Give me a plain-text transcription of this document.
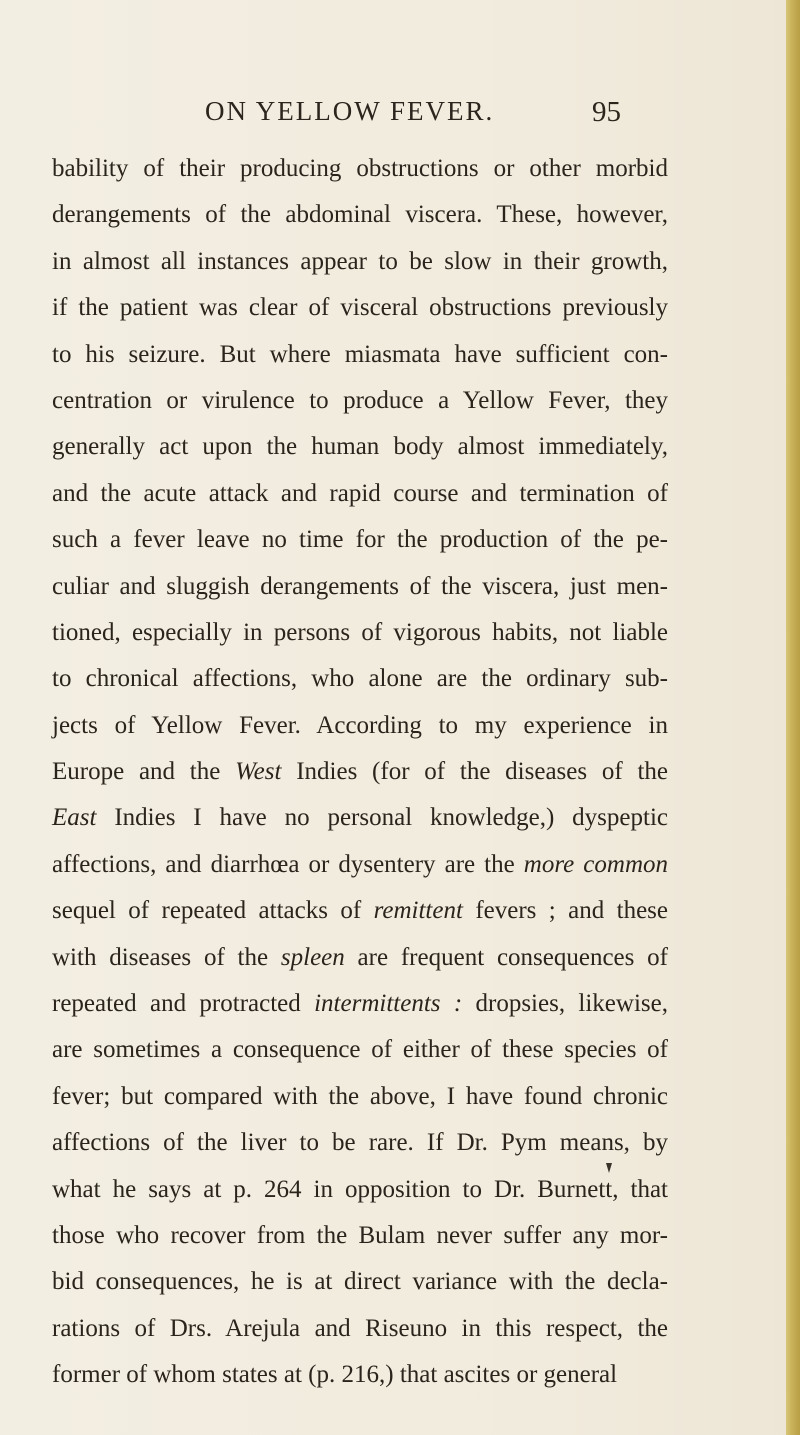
ON YELLOW FEVER.	95
bability of their producing obstructions or other morbid
derangements of the abdominal viscera. These, however,
in almost all instances appear to be slow in their growth,
if the patient was clear of visceral obstructions previously
to his seizure. But where miasmata have sufficient con-
centration or virulence to produce a Yellow Fever, they
generally act upon the human body almost immediately,
and the acute attack and rapid course and termination of
such a fever leave no time for the production of the pe-
culiar and sluggish derangements of the viscera, just men-
tioned, especially in persons of vigorous habits, not liable
to chronical affections, who alone are the ordinary sub-
jects of Yellow Fever. According to my experience in
Europe and the West Indies (for of the diseases of the
East Indies I have no personal knowledge,) dyspeptic
affections, and diarrhœa or dysentery are the more common
sequel of repeated attacks of remittent fevers ; and these
with diseases of the spleen are frequent consequences of
repeated and protracted intermittents : dropsies, likewise,
are sometimes a consequence of either of these species of
fever; but compared with the above, I have found chronic
affections of the liver to be rare. If Dr. Pym means, by
what he says at p. 264 in opposition to Dr. Burnett, that
those who recover from the Bulam never suffer any mor-
bid consequences, he is at direct variance with the decla-
rations of Drs. Arejula and Riseuno in this respect, the
former of whom states at (p. 216,) that ascites or general
